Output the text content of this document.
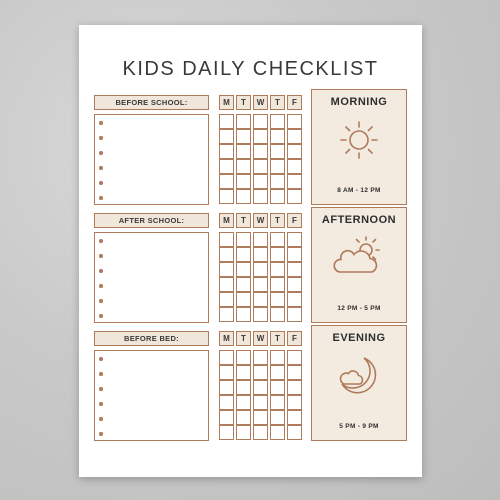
KIDS DAILY CHECKLIST
BEFORE SCHOOL:	M	T	W	T	F	MORNING
8 AM - 12 PM
AFTER SCHOOL:	M	T	W	T	F	AFTERNOON
12 PM - 5 PM
BEFORE BED:	M	T	W	T	F	EVENING
5 PM - 9 PM
